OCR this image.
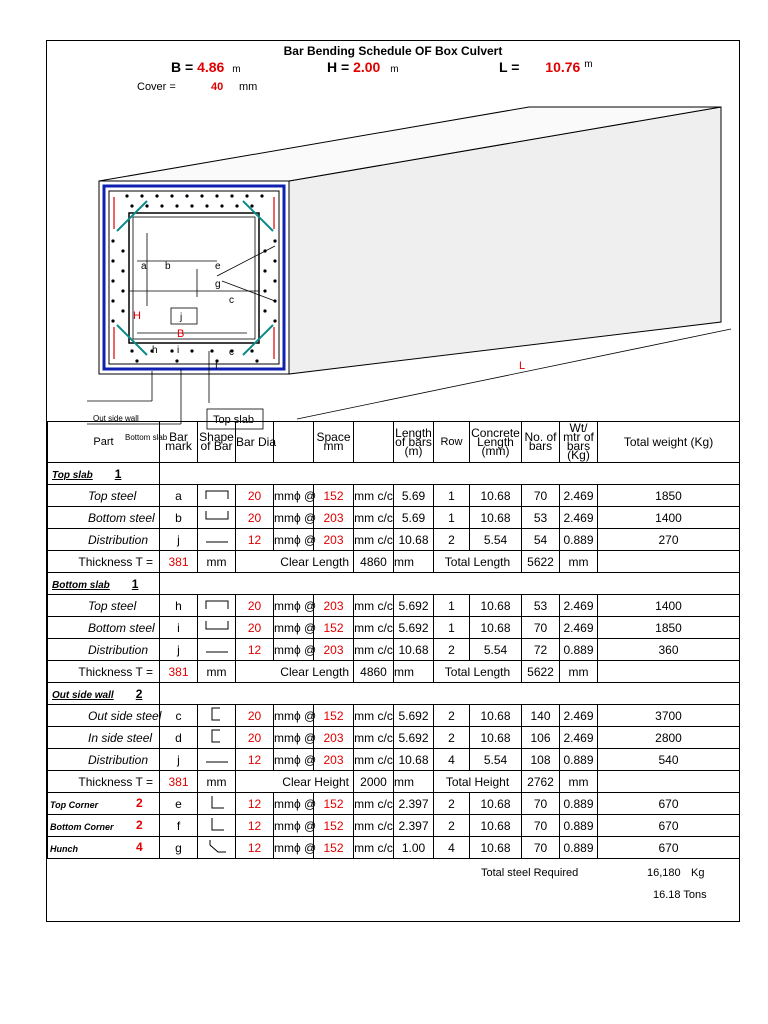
Bar Bending Schedule OF Box Culvert
B = 4.86 m	H = 2.00 m	L = 10.76 $^m$
Cover =	40 mm
a b	e
g
c
j
H
B
h i	c
f	L
Out side wall
Bottom slab
Top slab
Part	Bar mark	Shape of Bar	Bar Dia		Space mm		Length of bars (m)	Row	Concrete Length (mm)	No. of bars	Wt/ mtr of bars (Kg)	Total weight (Kg)
Top slab 1												
Top steel	a		20	mmϕ @	152	mm c/c	5.69	1	10.68	70	2.469	1850
Bottom steel	b		20	mmϕ @	203	mm c/c	5.69	1	10.68	53	2.469	1400
Distribution	j		12	mmϕ @	203	mm c/c	10.68	2	5.54	54	0.889	270
Thickness T =	381	mm	Clear Length			4860	mm	Total Length		5622	mm	
Bottom slab 1												
Top steel	h		20	mmϕ @	203	mm c/c	5.692	1	10.68	53	2.469	1400
Bottom steel	i		20	mmϕ @	152	mm c/c	5.692	1	10.68	70	2.469	1850
Distribution	j		12	mmϕ @	203	mm c/c	10.68	2	5.54	72	0.889	360
Thickness T =	381	mm	Clear Length			4860	mm	Total Length		5622	mm	
Out side wall 2												
Out side steel	c		20	mmϕ @	152	mm c/c	5.692	2	10.68	140	2.469	3700
In side steel	d		20	mmϕ @	203	mm c/c	5.692	2	10.68	106	2.469	2800
Distribution	j		12	mmϕ @	203	mm c/c	10.68	4	5.54	108	0.889	540
Thickness T =	381	mm	Clear Height			2000	mm	Total Height		2762	mm	
Top Corner 2	e		12	mmϕ @	152	mm c/c	2.397	2	10.68	70	0.889	670
Bottom Corner 2	f		12	mmϕ @	152	mm c/c	2.397	2	10.68	70	0.889	670
Hunch 4	g		12	mmϕ @	152	mm c/c	1.00	4	10.68	70	0.889	670
Total steel Required	16,180 Kg
16.18 Tons
